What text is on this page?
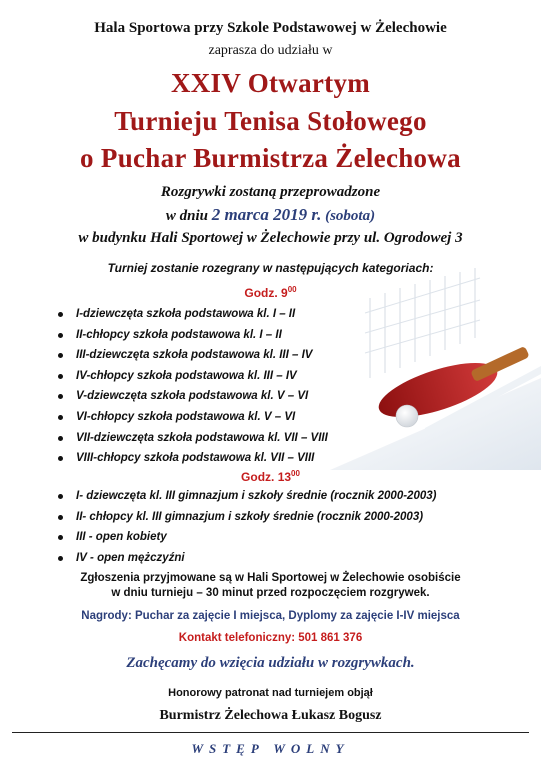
Hala Sportowa przy Szkole Podstawowej w Żelechowie
zaprasza do udziału w
XXIV Otwartym
Turnieju Tenisa Stołowego
o Puchar Burmistrza Żelechowa
Rozgrywki zostaną przeprowadzone
w dniu 2 marca 2019 r. (sobota)
w budynku Hali Sportowej w Żelechowie przy ul. Ogrodowej 3
Turniej zostanie rozegrany w następujących kategoriach:
Godz. $9^{00}$
I-dziewczęta szkoła podstawowa kl. I – II
II-chłopcy szkoła podstawowa kl. I – II
III-dziewczęta szkoła podstawowa kl. III – IV
IV-chłopcy szkoła podstawowa kl. III – IV
V-dziewczęta szkoła podstawowa kl. V – VI
VI-chłopcy szkoła podstawowa kl. V – VI
VII-dziewczęta szkoła podstawowa kl. VII – VIII
VIII-chłopcy szkoła podstawowa kl. VII – VIII
Godz. $13^{00}$
I- dziewczęta kl. III gimnazjum i szkoły średnie (rocznik 2000-2003)
II- chłopcy kl. III gimnazjum i szkoły średnie (rocznik 2000-2003)
III - open kobiety
IV - open mężczyźni
Zgłoszenia przyjmowane są w Hali Sportowej w Żelechowie osobiście
w dniu turnieju – 30 minut przed rozpoczęciem rozgrywek.
Nagrody: Puchar za zajęcie I miejsca, Dyplomy za zajęcie I-IV miejsca
Kontakt telefoniczny: 501 861 376
Zachęcamy do wzięcia udziału w rozgrywkach.
Honorowy patronat nad turniejem objął
Burmistrz Żelechowa Łukasz Bogusz
WSTĘP WOLNY
